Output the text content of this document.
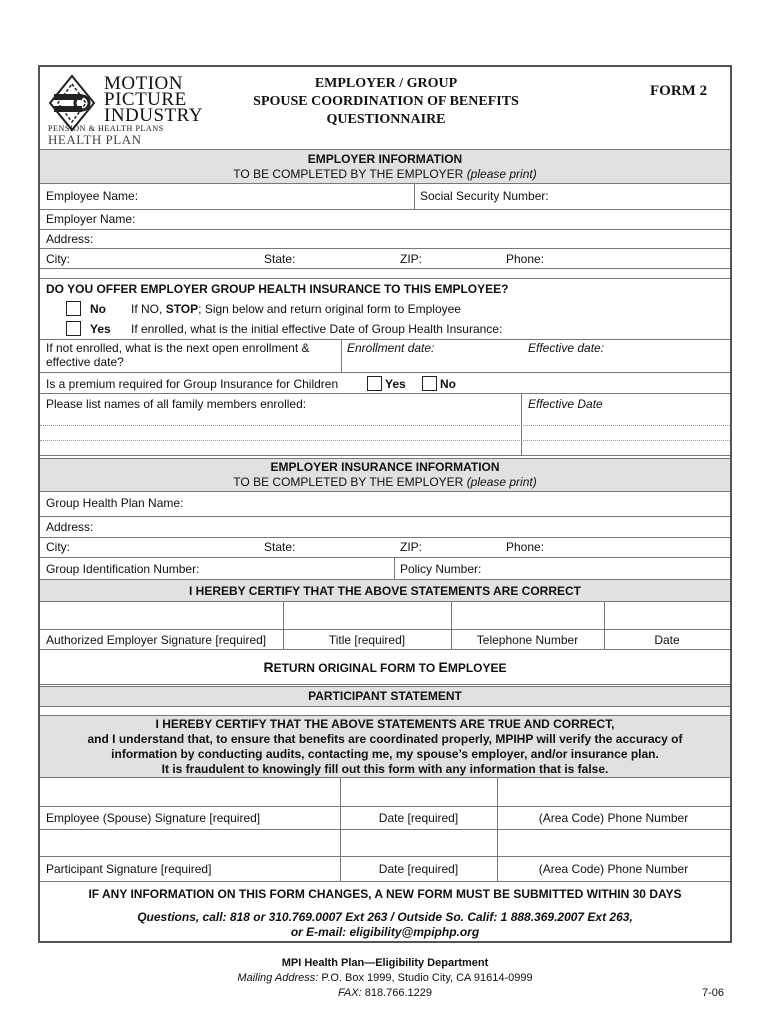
MOTION
PICTURE
INDUSTRY
PENSION & HEALTH PLANS
HEALTH PLAN
EMPLOYER / GROUP
SPOUSE COORDINATION OF BENEFITS
QUESTIONNAIRE
FORM 2
EMPLOYER INFORMATION
TO BE COMPLETED BY THE EMPLOYER (please print)
Employee Name:	Social Security Number:
Employer Name:
Address:
City:	State:	ZIP:	Phone:
DO YOU OFFER EMPLOYER GROUP HEALTH INSURANCE TO THIS EMPLOYEE?
No If NO, STOP; Sign below and return original form to Employee
Yes If enrolled, what is the initial effective Date of Group Health Insurance:
If not enrolled, what is the next open enrollment &
effective date?
Enrollment date:	Effective date:
Is a premium required for Group Insurance for Children	Yes	No
Please list names of all family members enrolled:	Effective Date
EMPLOYER INSURANCE INFORMATION
TO BE COMPLETED BY THE EMPLOYER (please print)
Group Health Plan Name:
Address:
City:	State:	ZIP:	Phone:
Group Identification Number:	Policy Number:
I HEREBY CERTIFY THAT THE ABOVE STATEMENTS ARE CORRECT
Authorized Employer Signature [required]	Title [required]	Telephone Number	Date
RETURN ORIGINAL FORM TO EMPLOYEE
PARTICIPANT STATEMENT
I HEREBY CERTIFY THAT THE ABOVE STATEMENTS ARE TRUE AND CORRECT,
and I understand that, to ensure that benefits are coordinated properly, MPIHP will verify the accuracy of
information by conducting audits, contacting me, my spouse’s employer, and/or insurance plan.
It is fraudulent to knowingly fill out this form with any information that is false.
Employee (Spouse) Signature [required]	Date [required]	(Area Code) Phone Number
Participant Signature [required]	Date [required]	(Area Code) Phone Number
IF ANY INFORMATION ON THIS FORM CHANGES, A NEW FORM MUST BE SUBMITTED WITHIN 30 DAYS
Questions, call: 818 or 310.769.0007 Ext 263 / Outside So. Calif: 1 888.369.2007 Ext 263,
or E-mail: eligibility@mpiphp.org
MPI Health Plan—Eligibility Department
Mailing Address: P.O. Box 1999, Studio City, CA 91614-0999
FAX: 818.766.1229	7-06
